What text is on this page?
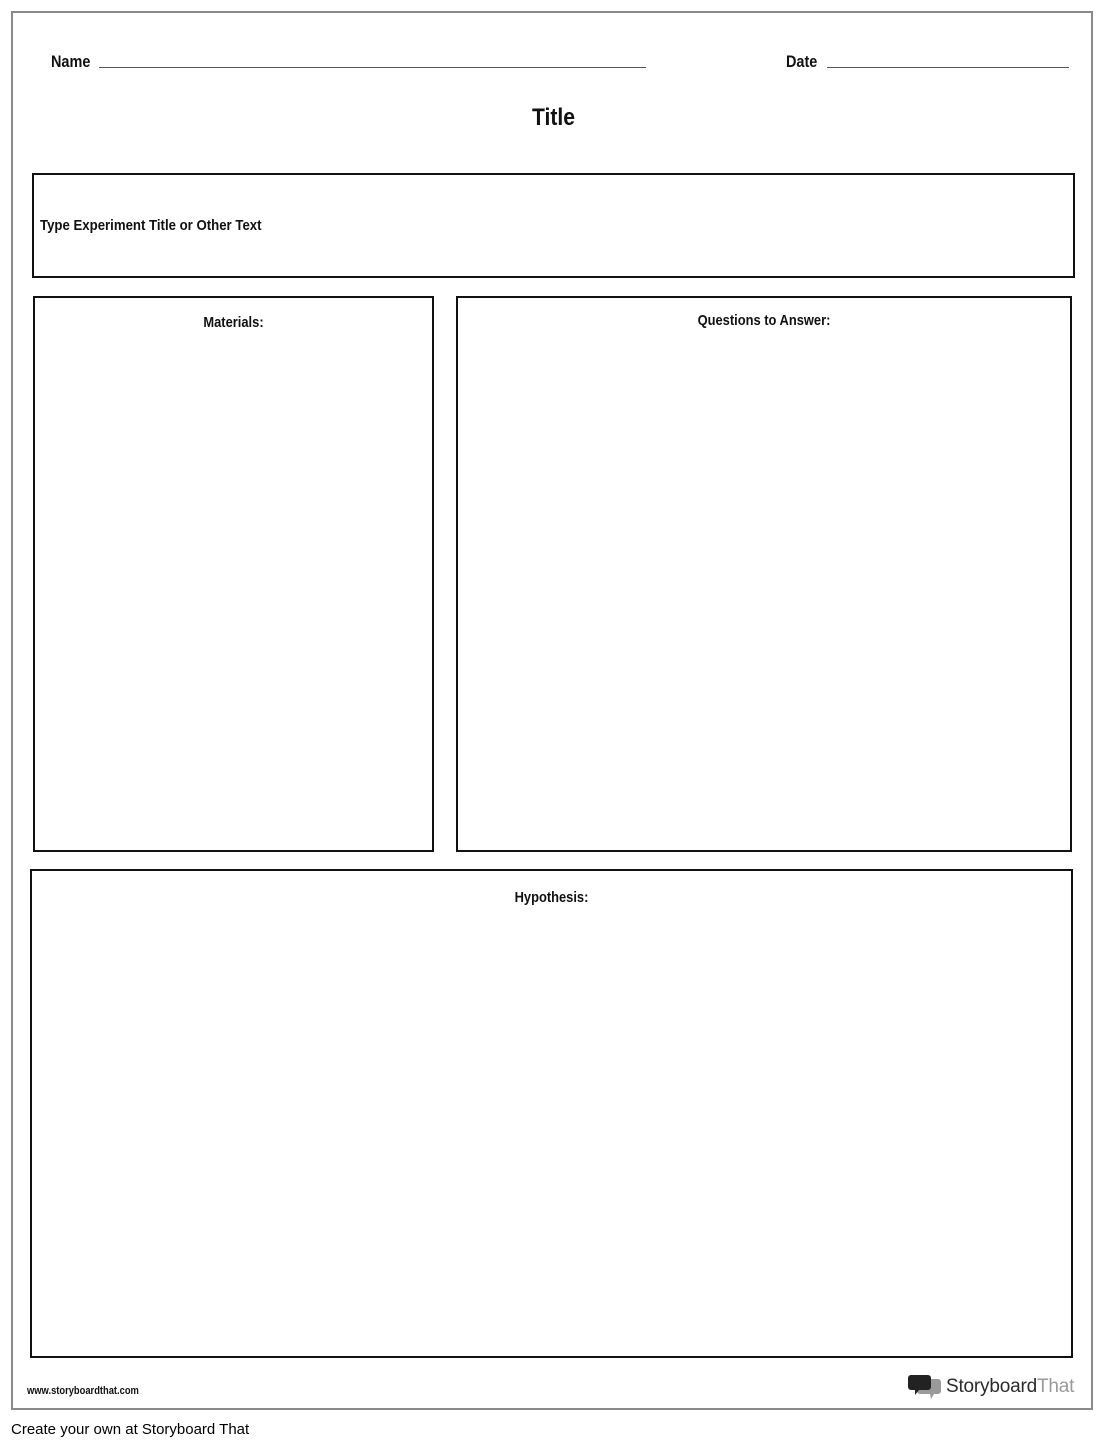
Name	Date
Title
Type Experiment Title or Other Text
Materials:	Questions to Answer:
Hypothesis:
www.storyboardthat.com	StoryboardThat
Create your own at Storyboard That
